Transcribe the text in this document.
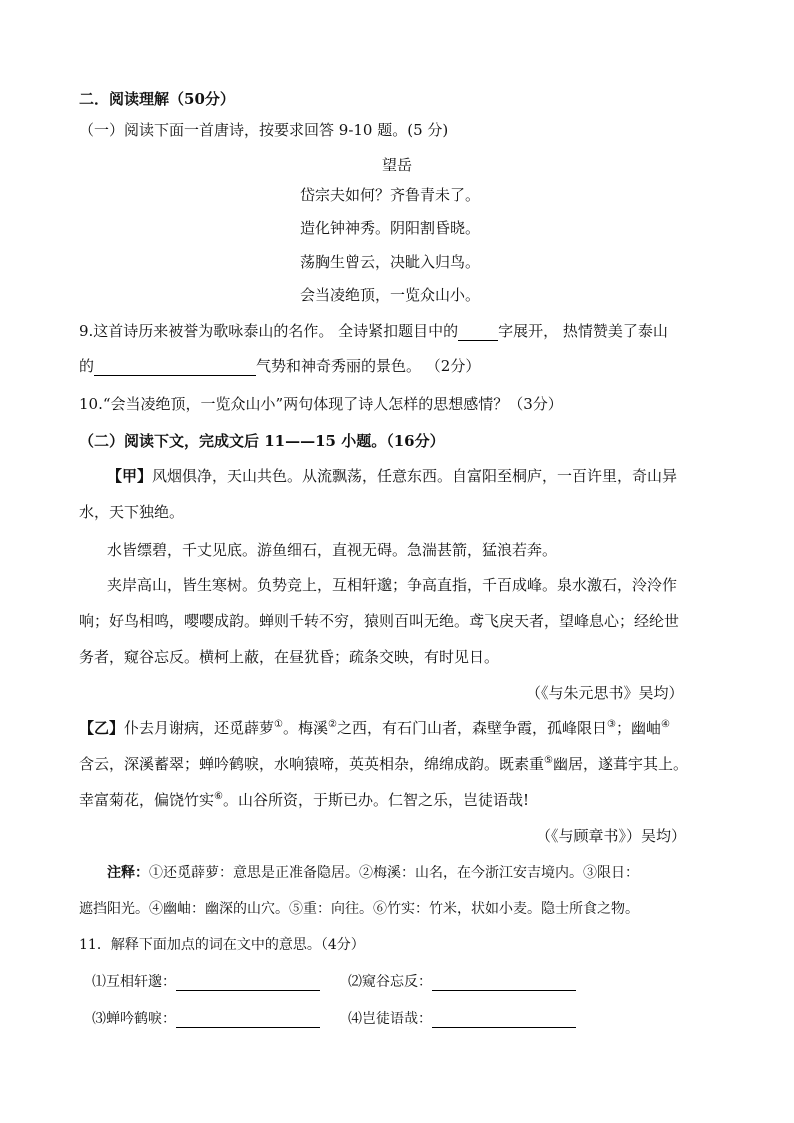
二．阅读理解（50分）
（一）阅读下面一首唐诗，按要求回答 9-10 题。(5 分)
望岳
岱宗夫如何？齐鲁青未了。
造化钟神秀。阴阳割昏晓。
荡胸生曾云，决眦入归鸟。
会当凌绝顶，一览众山小。
9.这首诗历来被誉为歌咏泰山的名作。 全诗紧扣题目中的	字展开， 热情赞美了泰山
的	气势和神奇秀丽的景色。 （2分）
10.“会当凌绝顶，一览众山小”两句体现了诗人怎样的思想感情？（3分）
（二）阅读下文，完成文后 11——15 小题。（16分）
【甲】风烟俱净，天山共色。从流飘荡，任意东西。自富阳至桐庐，一百许里，奇山异
水，天下独绝。
水皆缥碧，千丈见底。游鱼细石，直视无碍。急湍甚箭，猛浪若奔。
夹岸高山，皆生寒树。负势竞上，互相轩邈；争高直指，千百成峰。泉水激石，泠泠作
响；好鸟相鸣，嘤嘤成韵。蝉则千转不穷，猿则百叫无绝。鸢飞戾天者，望峰息心；经纶世
务者，窥谷忘反。横柯上蔽，在昼犹昏；疏条交映，有时见日。
（《与朱元思书》吴均）
【乙】仆去月谢病，还觅薜萝①。梅溪②之西，有石门山者，森壁争霞，孤峰限日③；幽岫④
含云，深溪蓄翠；蝉吟鹤唳，水响猿啼，英英相杂，绵绵成韵。既素重⑤幽居，遂葺宇其上。
幸富菊花，偏饶竹实⑥。山谷所资，于斯已办。仁智之乐，岂徒语哉!
（《与顾章书》）吴均）
注释：①还觅薜萝：意思是正准备隐居。②梅溪：山名，在今浙江安吉境内。③限日：
遮挡阳光。④幽岫：幽深的山穴。⑤重：向往。⑥竹实：竹米，状如小麦。隐士所食之物。
11．解释下面加点的词在文中的意思。（4分）
⑴互相轩邈：	⑵窥谷忘反：
⑶蝉吟鹤唳：	⑷岂徒语哉：
